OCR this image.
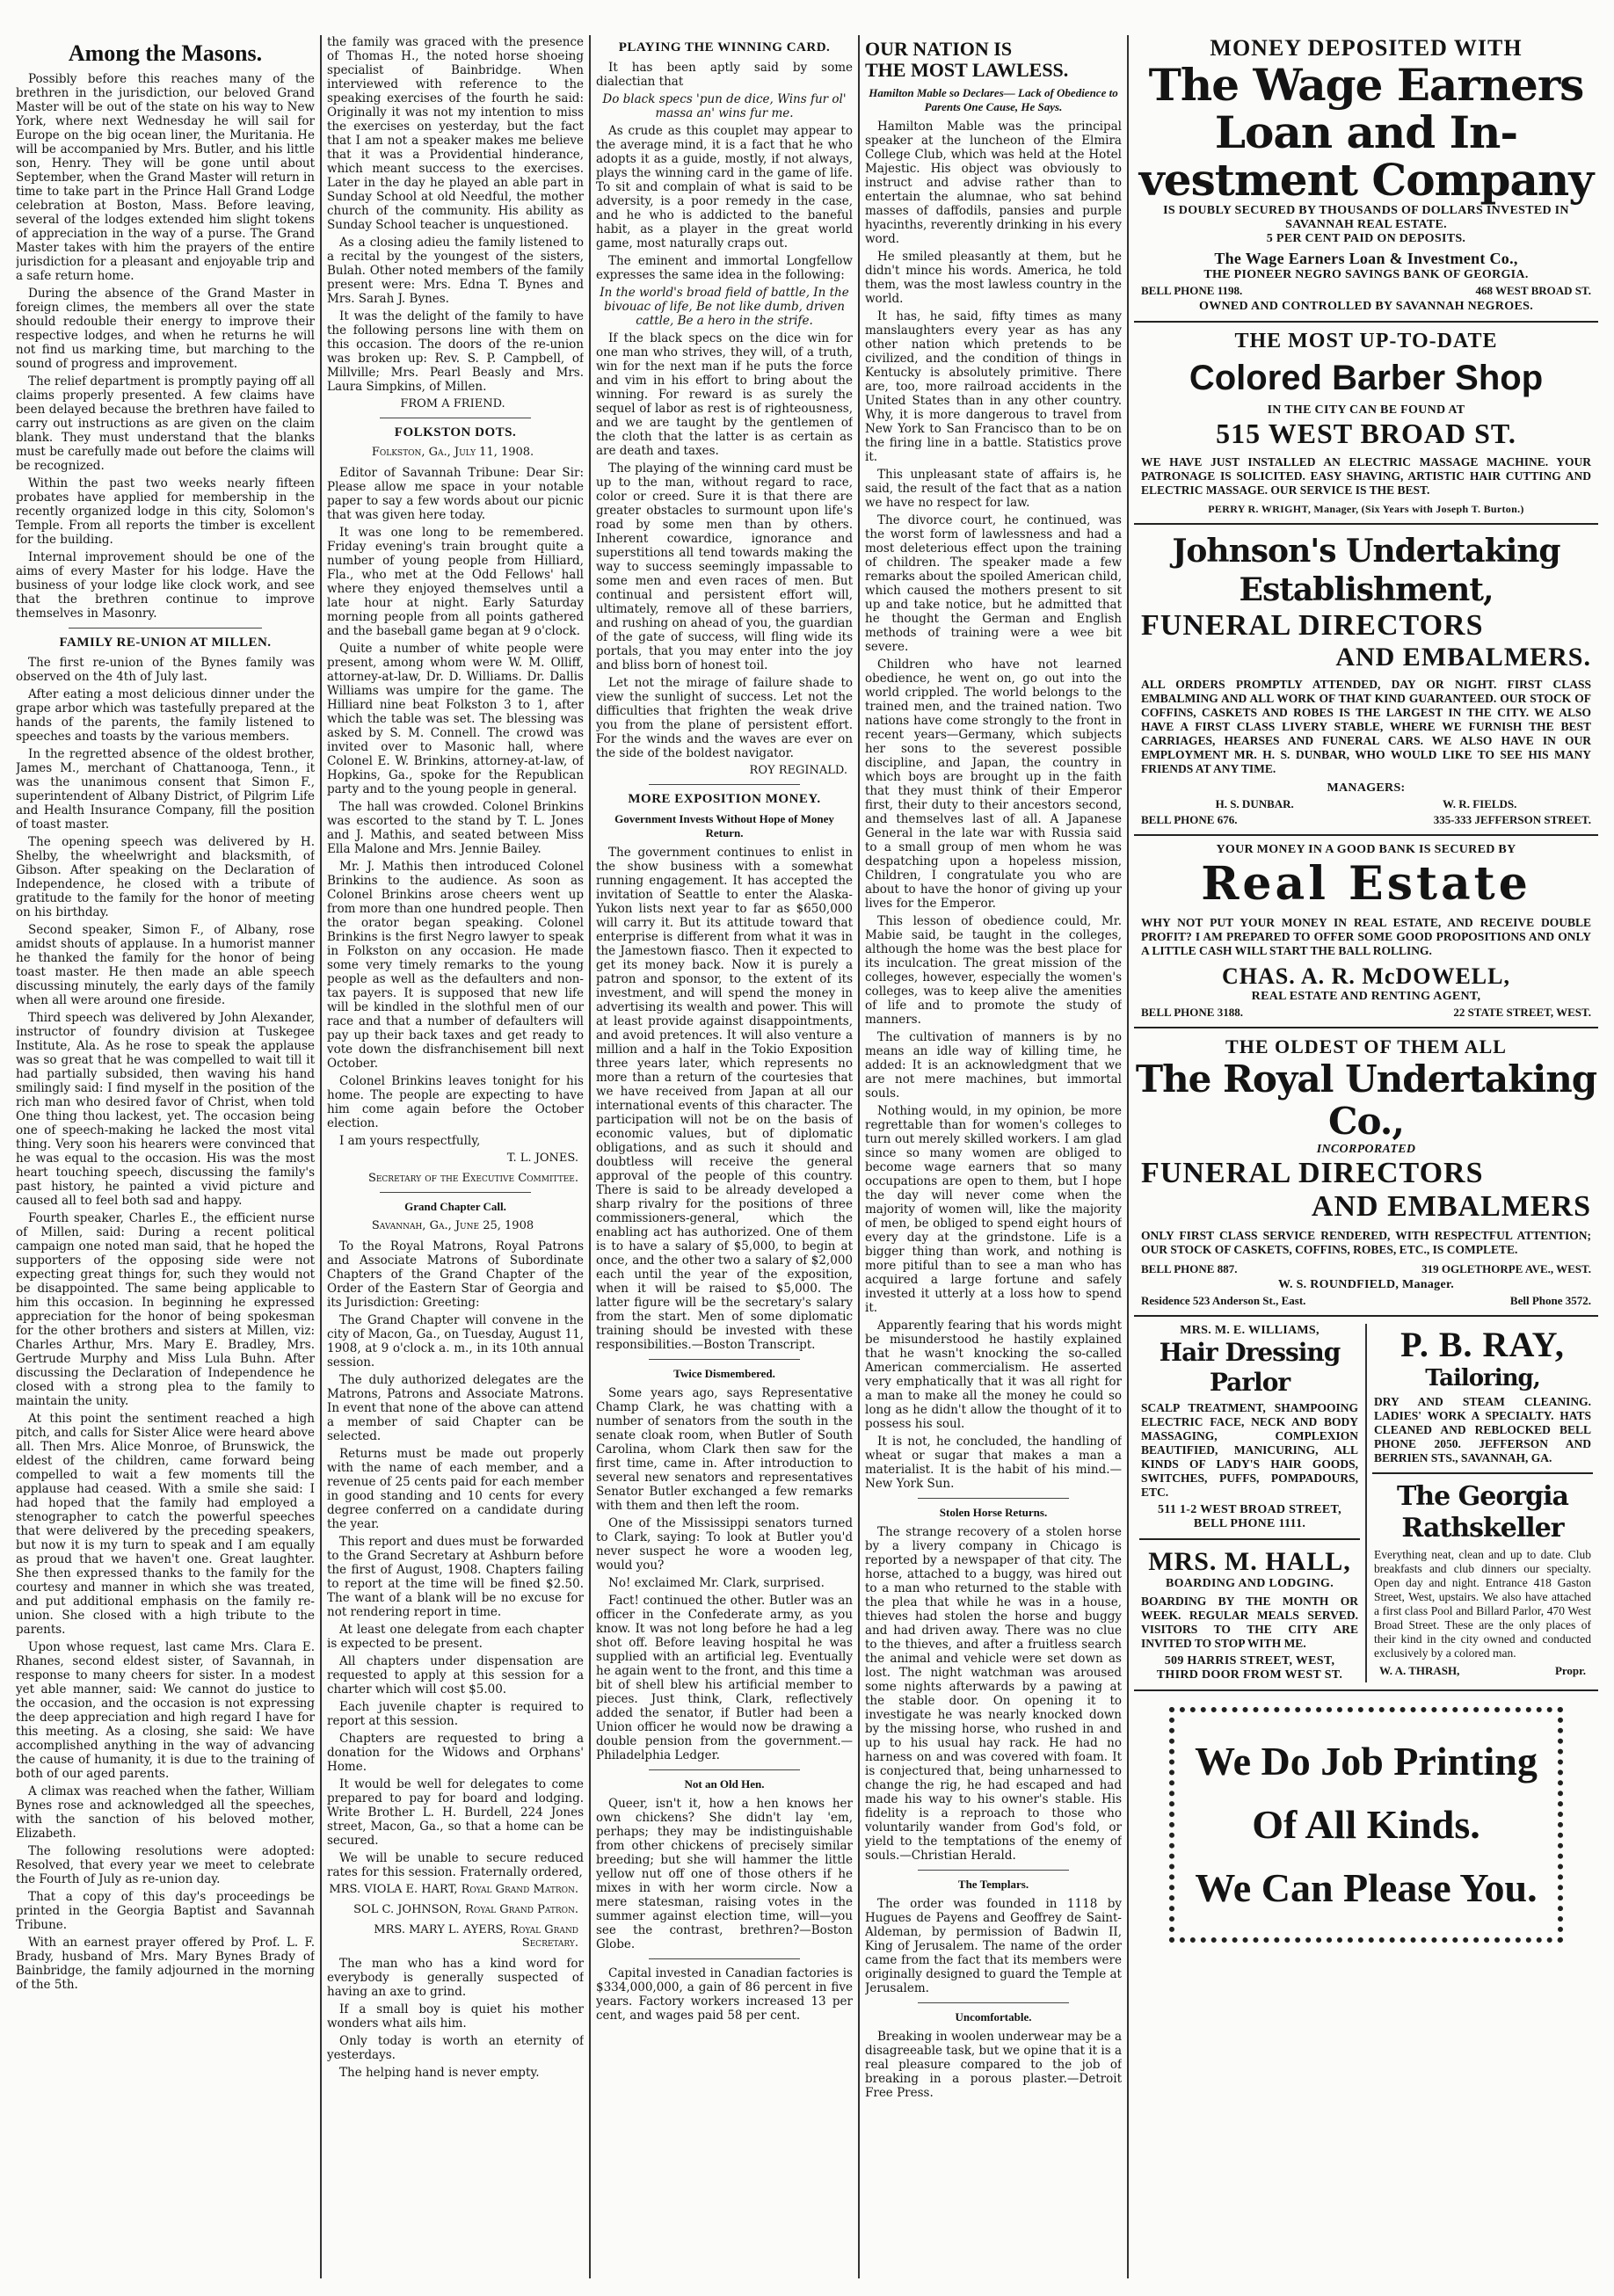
Among the Masons.

Possibly before this reaches many of the brethren in the jurisdiction, our beloved Grand Master will be out of the state on his way to New York, where next Wednesday he will sail for Europe on the big ocean liner, the Muritania. He will be accompanied by Mrs. Butler, and his little son, Henry. They will be gone until about September, when the Grand Master will return in time to take part in the Prince Hall Grand Lodge celebration at Boston, Mass. Before leaving, several of the lodges extended him slight tokens of appreciation in the way of a purse. The Grand Master takes with him the prayers of the entire jurisdiction for a pleasant and enjoyable trip and a safe return home.

During the absence of the Grand Master in foreign climes, the members all over the state should redouble their energy to improve their respective lodges, and when he returns he will not find us marking time, but marching to the sound of progress and improvement.

The relief department is promptly paying off all claims properly presented. A few claims have been delayed because the brethren have failed to carry out instructions as are given on the claim blank. They must understand that the blanks must be carefully made out before the claims will be recognized.

Within the past two weeks nearly fifteen probates have applied for membership in the recently organized lodge in this city, Solomon's Temple. From all reports the timber is excellent for the building.

Internal improvement should be one of the aims of every Master for his lodge. Have the business of your lodge like clock work, and see that the brethren continue to improve themselves in Masonry.

FAMILY RE-UNION AT MILLEN.

The first re-union of the Bynes family was observed on the 4th of July last.

After eating a most delicious dinner under the grape arbor which was tastefully prepared at the hands of the parents, the family listened to speeches and toasts by the various members.

In the regretted absence of the oldest brother, James M., merchant of Chattanooga, Tenn., it was the unanimous consent that Simon F., superintendent of Albany District, of Pilgrim Life and Health Insurance Company, fill the position of toast master.

The opening speech was delivered by H. Shelby, the wheelwright and blacksmith, of Gibson. After speaking on the Declaration of Independence, he closed with a tribute of gratitude to the family for the honor of meeting on his birthday.

Second speaker, Simon F., of Albany, rose amidst shouts of applause. In a humorist manner he thanked the family for the honor of being toast master. He then made an able speech discussing minutely, the early days of the family when all were around one fireside.

Third speech was delivered by John Alexander, instructor of foundry division at Tuskegee Institute, Ala. As he rose to speak the applause was so great that he was compelled to wait till it had partially subsided, then waving his hand smilingly said: I find myself in the position of the rich man who desired favor of Christ, when told One thing thou lackest, yet. The occasion being one of speech-making he lacked the most vital thing. Very soon his hearers were convinced that he was equal to the occasion. His was the most heart touching speech, discussing the family's past history, he painted a vivid picture and caused all to feel both sad and happy.

Fourth speaker, Charles E., the efficient nurse of Millen, said: During a recent political campaign one noted man said, that he hoped the supporters of the opposing side were not expecting great things for, such they would not be disappointed. The same being applicable to him this occasion. In beginning he expressed appreciation for the honor of being spokesman for the other brothers and sisters at Millen, viz: Charles Arthur, Mrs. Mary E. Bradley, Mrs. Gertrude Murphy and Miss Lula Buhn. After discussing the Declaration of Independence he closed with a strong plea to the family to maintain the unity.

At this point the sentiment reached a high pitch, and calls for Sister Alice were heard above all. Then Mrs. Alice Monroe, of Brunswick, the eldest of the children, came forward being compelled to wait a few moments till the applause had ceased. With a smile she said: I had hoped that the family had employed a stenographer to catch the powerful speeches that were delivered by the preceding speakers, but now it is my turn to speak and I am equally as proud that we haven't one. Great laughter. She then expressed thanks to the family for the courtesy and manner in which she was treated, and put additional emphasis on the family re-union. She closed with a high tribute to the parents.

Upon whose request, last came Mrs. Clara E. Rhanes, second eldest sister, of Savannah, in response to many cheers for sister. In a modest yet able manner, said: We cannot do justice to the occasion, and the occasion is not expressing the deep appreciation and high regard I have for this meeting. As a closing, she said: We have accomplished anything in the way of advancing the cause of humanity, it is due to the training of both of our aged parents.

A climax was reached when the father, William Bynes rose and acknowledged all the speeches, with the sanction of his beloved mother, Elizabeth.

The following resolutions were adopted: Resolved, that every year we meet to celebrate the Fourth of July as re-union day.

That a copy of this day's proceedings be printed in the Georgia Baptist and Savannah Tribune.

With an earnest prayer offered by Prof. L. F. Brady, husband of Mrs. Mary Bynes Brady of Bainbridge, the family adjourned in the morning of the 5th.

the family was graced with the presence of Thomas H., the noted horse shoeing specialist of Bainbridge. When interviewed with reference to the speaking exercises of the fourth he said: Originally it was not my intention to miss the exercises on yesterday, but the fact that I am not a speaker makes me believe that it was a Providential hinderance, which meant success to the exercises. Later in the day he played an able part in Sunday School at old Needful, the mother church of the community. His ability as Sunday School teacher is unquestioned.

As a closing adieu the family listened to a recital by the youngest of the sisters, Bulah. Other noted members of the family present were: Mrs. Edna T. Bynes and Mrs. Sarah J. Bynes.

It was the delight of the family to have the following persons line with them on this occasion. The doors of the re-union was broken up: Rev. S. P. Campbell, of Millville; Mrs. Pearl Beasly and Mrs. Laura Simpkins, of Millen.

FROM A FRIEND.
FOLKSTON DOTS.
Folkston, Ga., July 11, 1908.

Editor of Savannah Tribune: Dear Sir: Please allow me space in your notable paper to say a few words about our picnic that was given here today.

It was one long to be remembered. Friday evening's train brought quite a number of young people from Hilliard, Fla., who met at the Odd Fellows' hall where they enjoyed themselves until a late hour at night. Early Saturday morning people from all points gathered and the baseball game began at 9 o'clock.

Quite a number of white people were present, among whom were W. M. Olliff, attorney-at-law, Dr. D. Williams. Dr. Dallis Williams was umpire for the game. The Hilliard nine beat Folkston 3 to 1, after which the table was set. The blessing was asked by S. M. Connell. The crowd was invited over to Masonic hall, where Colonel E. W. Brinkins, attorney-at-law, of Hopkins, Ga., spoke for the Republican party and to the young people in general.

The hall was crowded. Colonel Brinkins was escorted to the stand by T. L. Jones and J. Mathis, and seated between Miss Ella Malone and Mrs. Jennie Bailey.

Mr. J. Mathis then introduced Colonel Brinkins to the audience. As soon as Colonel Brinkins arose cheers went up from more than one hundred people. Then the orator began speaking. Colonel Brinkins is the first Negro lawyer to speak in Folkston on any occasion. He made some very timely remarks to the young people as well as the defaulters and non-tax payers. It is supposed that new life will be kindled in the slothful men of our race and that a number of defaulters will pay up their back taxes and get ready to vote down the disfranchisement bill next October.

Colonel Brinkins leaves tonight for his home. The people are expecting to have him come again before the October election.

I am yours respectfully,

T. L. JONES.
Secretary of the Executive Committee.
Grand Chapter Call.
Savannah, Ga., June 25, 1908

To the Royal Matrons, Royal Patrons and Associate Matrons of Subordinate Chapters of the Grand Chapter of the Order of the Eastern Star of Georgia and its Jurisdiction: Greeting:

The Grand Chapter will convene in the city of Macon, Ga., on Tuesday, August 11, 1908, at 9 o'clock a. m., in its 10th annual session.

The duly authorized delegates are the Matrons, Patrons and Associate Matrons. In event that none of the above can attend a member of said Chapter can be selected.

Returns must be made out properly with the name of each member, and a revenue of 25 cents paid for each member in good standing and 10 cents for every degree conferred on a candidate during the year.

This report and dues must be forwarded to the Grand Secretary at Ashburn before the first of August, 1908. Chapters failing to report at the time will be fined $2.50. The want of a blank will be no excuse for not rendering report in time.

At least one delegate from each chapter is expected to be present.

All chapters under dispensation are requested to apply at this session for a charter which will cost $5.00.

Each juvenile chapter is required to report at this session.

Chapters are requested to bring a donation for the Widows and Orphans' Home.

It would be well for delegates to come prepared to pay for board and lodging. Write Brother L. H. Burdell, 224 Jones street, Macon, Ga., so that a home can be secured.

We will be unable to secure reduced rates for this session. Fraternally ordered,

MRS. VIOLA E. HART, Royal Grand Matron.
SOL C. JOHNSON, Royal Grand Patron.
MRS. MARY L. AYERS, Royal Grand Secretary.

The man who has a kind word for everybody is generally suspected of having an axe to grind.

If a small boy is quiet his mother wonders what ails him.

Only today is worth an eternity of yesterdays.

The helping hand is never empty.

PLAYING THE WINNING CARD.

It has been aptly said by some dialectian that

Do black specs 'pun de dice, Wins fur ol' massa an' wins fur me.

As crude as this couplet may appear to the average mind, it is a fact that he who adopts it as a guide, mostly, if not always, plays the winning card in the game of life. To sit and complain of what is said to be adversity, is a poor remedy in the case, and he who is addicted to the baneful habit, as a player in the great world game, most naturally craps out.

The eminent and immortal Longfellow expresses the same idea in the following:

In the world's broad field of battle, In the bivouac of life, Be not like dumb, driven cattle, Be a hero in the strife.

If the black specs on the dice win for one man who strives, they will, of a truth, win for the next man if he puts the force and vim in his effort to bring about the winning. For reward is as surely the sequel of labor as rest is of righteousness, and we are taught by the gentlemen of the cloth that the latter is as certain as are death and taxes.

The playing of the winning card must be up to the man, without regard to race, color or creed. Sure it is that there are greater obstacles to surmount upon life's road by some men than by others. Inherent cowardice, ignorance and superstitions all tend towards making the way to success seemingly impassable to some men and even races of men. But continual and persistent effort will, ultimately, remove all of these barriers, and rushing on ahead of you, the guardian of the gate of success, will fling wide its portals, that you may enter into the joy and bliss born of honest toil.

Let not the mirage of failure shade to view the sunlight of success. Let not the difficulties that frighten the weak drive you from the plane of persistent effort. For the winds and the waves are ever on the side of the boldest navigator.

ROY REGINALD.
MORE EXPOSITION MONEY.
Government Invests Without Hope of Money Return.

The government continues to enlist in the show business with a somewhat running engagement. It has accepted the invitation of Seattle to enter the Alaska-Yukon lists next year to far as $650,000 will carry it. But its attitude toward that enterprise is different from what it was in the Jamestown fiasco. Then it expected to get its money back. Now it is purely a patron and sponsor, to the extent of its investment, and will spend the money in advertising its wealth and power. This will at least provide against disappointments, and avoid pretences. It will also venture a million and a half in the Tokio Exposition three years later, which represents no more than a return of the courtesies that we have received from Japan at all our international events of this character. The participation will not be on the basis of economic values, but of diplomatic obligations, and as such it should and doubtless will receive the general approval of the people of this country. There is said to be already developed a sharp rivalry for the positions of three commissioners-general, which the enabling act has authorized. One of them is to have a salary of $5,000, to begin at once, and the other two a salary of $2,000 each until the year of the exposition, when it will be raised to $5,000. The latter figure will be the secretary's salary from the start. Men of some diplomatic training should be invested with these responsibilities.—Boston Transcript.

Twice Dismembered.

Some years ago, says Representative Champ Clark, he was chatting with a number of senators from the south in the senate cloak room, when Butler of South Carolina, whom Clark then saw for the first time, came in. After introduction to several new senators and representatives Senator Butler exchanged a few remarks with them and then left the room.

One of the Mississippi senators turned to Clark, saying: To look at Butler you'd never suspect he wore a wooden leg, would you?

No! exclaimed Mr. Clark, surprised.

Fact! continued the other. Butler was an officer in the Confederate army, as you know. It was not long before he had a leg shot off. Before leaving hospital he was supplied with an artificial leg. Eventually he again went to the front, and this time a bit of shell blew his artificial member to pieces. Just think, Clark, reflectively added the senator, if Butler had been a Union officer he would now be drawing a double pension from the government.—Philadelphia Ledger.

Not an Old Hen.

Queer, isn't it, how a hen knows her own chickens? She didn't lay 'em, perhaps; they may be indistinguishable from other chickens of precisely similar breeding; but she will hammer the little yellow nut off one of those others if he mixes in with her worm circle. Now a mere statesman, raising votes in the summer against election time, will—you see the contrast, brethren?—Boston Globe.

Capital invested in Canadian factories is $334,000,000, a gain of 86 percent in five years. Factory workers increased 13 per cent, and wages paid 58 per cent.

OUR NATION IS
THE MOST LAWLESS.
Hamilton Mable so Declares— Lack of Obedience to Parents One Cause, He Says.

Hamilton Mable was the principal speaker at the luncheon of the Elmira College Club, which was held at the Hotel Majestic. His object was obviously to instruct and advise rather than to entertain the alumnae, who sat behind masses of daffodils, pansies and purple hyacinths, reverently drinking in his every word.

He smiled pleasantly at them, but he didn't mince his words. America, he told them, was the most lawless country in the world.

It has, he said, fifty times as many manslaughters every year as has any other nation which pretends to be civilized, and the condition of things in Kentucky is absolutely primitive. There are, too, more railroad accidents in the United States than in any other country. Why, it is more dangerous to travel from New York to San Francisco than to be on the firing line in a battle. Statistics prove it.

This unpleasant state of affairs is, he said, the result of the fact that as a nation we have no respect for law.

The divorce court, he continued, was the worst form of lawlessness and had a most deleterious effect upon the training of children. The speaker made a few remarks about the spoiled American child, which caused the mothers present to sit up and take notice, but he admitted that he thought the German and English methods of training were a wee bit severe.

Children who have not learned obedience, he went on, go out into the world crippled. The world belongs to the trained men, and the trained nation. Two nations have come strongly to the front in recent years—Germany, which subjects her sons to the severest possible discipline, and Japan, the country in which boys are brought up in the faith that they must think of their Emperor first, their duty to their ancestors second, and themselves last of all. A Japanese General in the late war with Russia said to a small group of men whom he was despatching upon a hopeless mission, Children, I congratulate you who are about to have the honor of giving up your lives for the Emperor.

This lesson of obedience could, Mr. Mabie said, be taught in the colleges, although the home was the best place for its inculcation. The great mission of the colleges, however, especially the women's colleges, was to keep alive the amenities of life and to promote the study of manners.

The cultivation of manners is by no means an idle way of killing time, he added: It is an acknowledgment that we are not mere machines, but immortal souls.

Nothing would, in my opinion, be more regrettable than for women's colleges to turn out merely skilled workers. I am glad since so many women are obliged to become wage earners that so many occupations are open to them, but I hope the day will never come when the majority of women will, like the majority of men, be obliged to spend eight hours of every day at the grindstone. Life is a bigger thing than work, and nothing is more pitiful than to see a man who has acquired a large fortune and safely invested it utterly at a loss how to spend it.

Apparently fearing that his words might be misunderstood he hastily explained that he wasn't knocking the so-called American commercialism. He asserted very emphatically that it was all right for a man to make all the money he could so long as he didn't allow the thought of it to possess his soul.

It is not, he concluded, the handling of wheat or sugar that makes a man a materialist. It is the habit of his mind.—New York Sun.

Stolen Horse Returns.

The strange recovery of a stolen horse by a livery company in Chicago is reported by a newspaper of that city. The horse, attached to a buggy, was hired out to a man who returned to the stable with the plea that while he was in a house, thieves had stolen the horse and buggy and had driven away. There was no clue to the thieves, and after a fruitless search the animal and vehicle were set down as lost. The night watchman was aroused some nights afterwards by a pawing at the stable door. On opening it to investigate he was nearly knocked down by the missing horse, who rushed in and up to his usual hay rack. He had no harness on and was covered with foam. It is conjectured that, being unharnessed to change the rig, he had escaped and had made his way to his owner's stable. His fidelity is a reproach to those who voluntarily wander from God's fold, or yield to the temptations of the enemy of souls.—Christian Herald.

The Templars.

The order was founded in 1118 by Hugues de Payens and Geoffrey de Saint-Aldeman, by permission of Badwin II, King of Jerusalem. The name of the order came from the fact that its members were originally designed to guard the Temple at Jerusalem.

Uncomfortable.

Breaking in woolen underwear may be a disagreeable task, but we opine that it is a real pleasure compared to the job of breaking in a porous plaster.—Detroit Free Press.

MONEY DEPOSITED WITH
The Wage Earners Loan and In-
vestment Company
IS DOUBLY SECURED BY THOUSANDS OF DOLLARS INVESTED IN
SAVANNAH REAL ESTATE.
5 PER CENT PAID ON DEPOSITS.
The Wage Earners Loan & Investment Co.,
THE PIONEER NEGRO SAVINGS BANK OF GEORGIA.
BELL PHONE 1198.	468 WEST BROAD ST.
OWNED AND CONTROLLED BY SAVANNAH NEGROES.
THE MOST UP-TO-DATE
Colored Barber Shop
IN THE CITY CAN BE FOUND AT
515 WEST BROAD ST.
WE HAVE JUST INSTALLED AN ELECTRIC MASSAGE MACHINE. YOUR PATRONAGE IS SOLICITED. EASY SHAVING, ARTISTIC HAIR CUTTING AND ELECTRIC MASSAGE. OUR SERVICE IS THE BEST.
PERRY R. WRIGHT, Manager, (Six Years with Joseph T. Burton.)
Johnson's Undertaking Establishment,
FUNERAL DIRECTORS
AND EMBALMERS.
ALL ORDERS PROMPTLY ATTENDED, DAY OR NIGHT. FIRST CLASS EMBALMING AND ALL WORK OF THAT KIND GUARANTEED. OUR STOCK OF COFFINS, CASKETS AND ROBES IS THE LARGEST IN THE CITY. WE ALSO HAVE A FIRST CLASS LIVERY STABLE, WHERE WE FURNISH THE BEST CARRIAGES, HEARSES AND FUNERAL CARS. WE ALSO HAVE IN OUR EMPLOYMENT MR. H. S. DUNBAR, WHO WOULD LIKE TO SEE HIS MANY FRIENDS AT ANY TIME.
MANAGERS:
H. S. DUNBAR.	W. R. FIELDS.
BELL PHONE 676.	335-333 JEFFERSON STREET.
YOUR MONEY IN A GOOD BANK IS SECURED BY
Real Estate
WHY NOT PUT YOUR MONEY IN REAL ESTATE, AND RECEIVE DOUBLE PROFIT? I AM PREPARED TO OFFER SOME GOOD PROPOSITIONS AND ONLY A LITTLE CASH WILL START THE BALL ROLLING.
CHAS. A. R. McDOWELL,
REAL ESTATE AND RENTING AGENT,
BELL PHONE 3188.	22 STATE STREET, WEST.
THE OLDEST OF THEM ALL
The Royal Undertaking Co.,
INCORPORATED
FUNERAL DIRECTORS
AND EMBALMERS
ONLY FIRST CLASS SERVICE RENDERED, WITH RESPECTFUL ATTENTION; OUR STOCK OF CASKETS, COFFINS, ROBES, ETC., IS COMPLETE.
BELL PHONE 887.	319 OGLETHORPE AVE., WEST.
W. S. ROUNDFIELD, Manager.
Residence 523 Anderson St., East.	Bell Phone 3572.
MRS. M. E. WILLIAMS,
Hair Dressing Parlor
SCALP TREATMENT, SHAMPOOING ELECTRIC FACE, NECK AND BODY MASSAGING, COMPLEXION BEAUTIFIED, MANICURING, ALL KINDS OF LADY'S HAIR GOODS, SWITCHES, PUFFS, POMPADOURS, ETC.
511 1-2 WEST BROAD STREET,
BELL PHONE 1111.
MRS. M. HALL,
BOARDING AND LODGING.
BOARDING BY THE MONTH OR WEEK. REGULAR MEALS SERVED. VISITORS TO THE CITY ARE INVITED TO STOP WITH ME.
509 HARRIS STREET, WEST,
THIRD DOOR FROM WEST ST.
P. B. RAY,
Tailoring,
DRY AND STEAM CLEANING. LADIES' WORK A SPECIALTY. HATS CLEANED AND REBLOCKED BELL PHONE 2050. JEFFERSON AND BERRIEN STS., SAVANNAH, GA.
The Georgia
Rathskeller
Everything neat, clean and up to date. Club breakfasts and club dinners our specialty. Open day and night. Entrance 418 Gaston Street, West, upstairs. We also have attached a first class Pool and Billard Parlor, 470 West Broad Street. These are the only places of their kind in the city owned and conducted exclusively by a colored man.
W. A. THRASH,	Propr.
We Do Job Printing
Of All Kinds.
We Can Please You.
